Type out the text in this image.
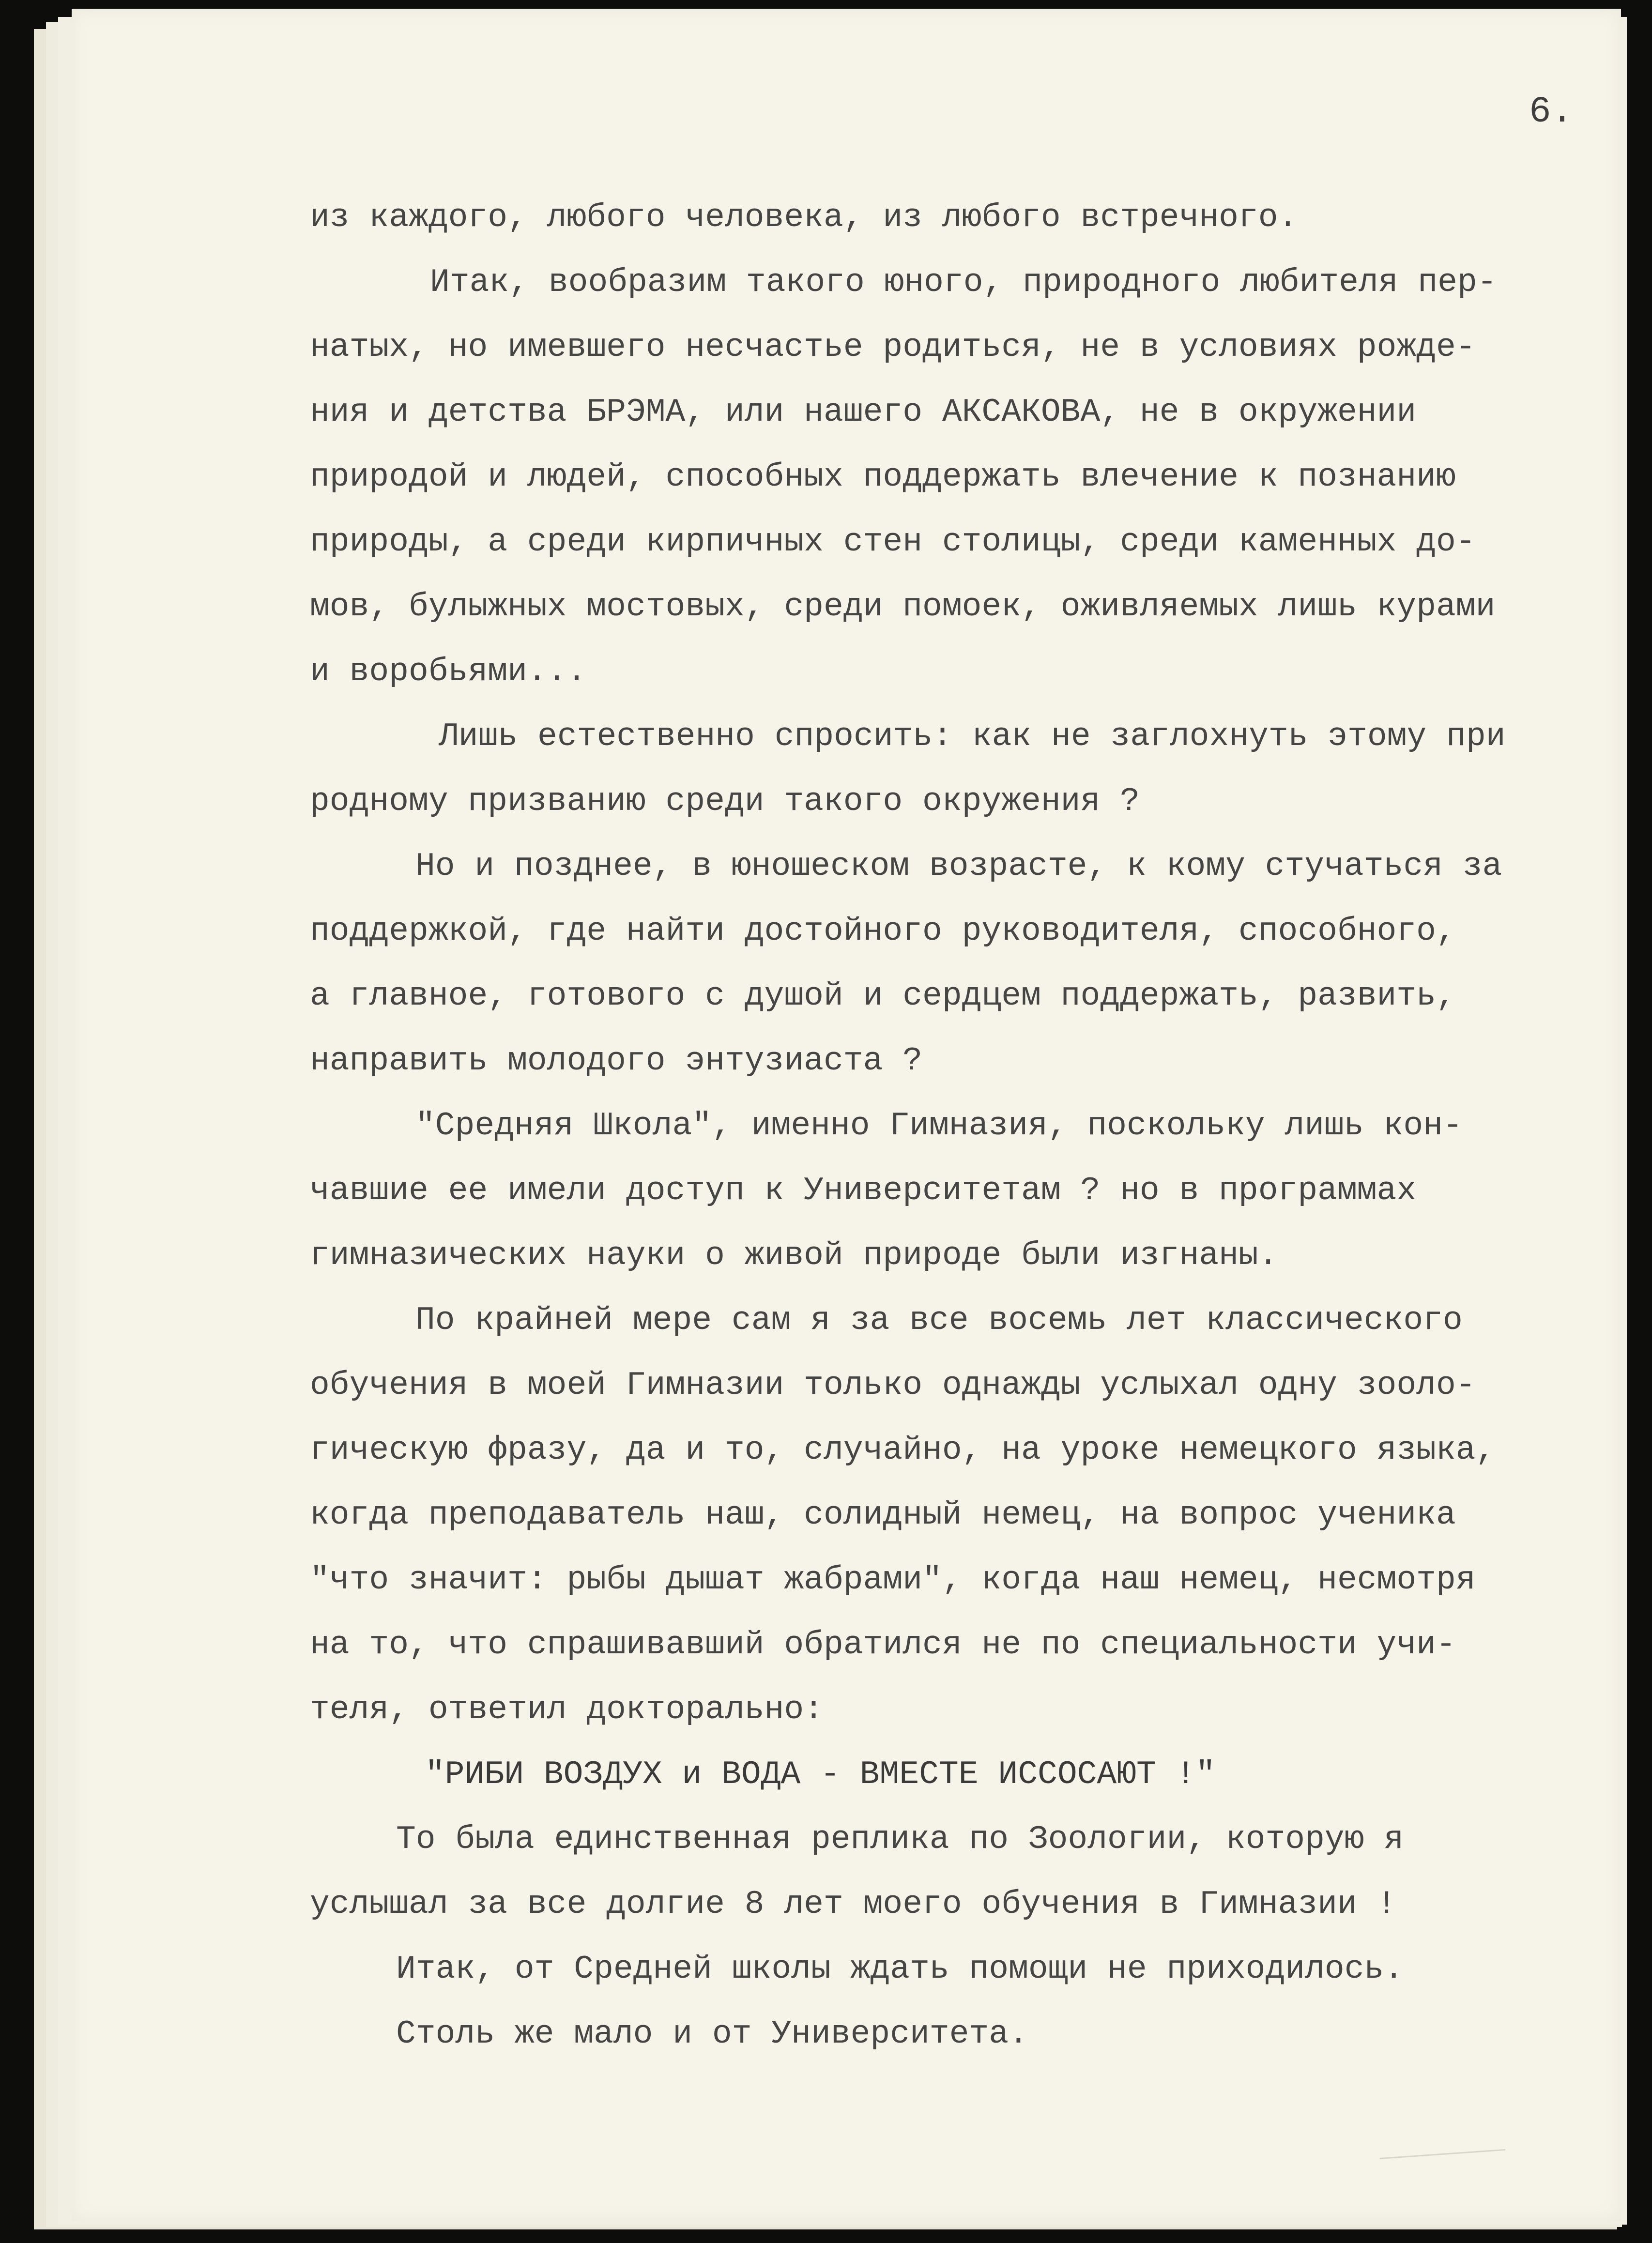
6.
из каждого, любого человека, из любого встречного.
Итак, вообразим такого юного, природного любителя пер-
натых, но имевшего несчастье родиться, не в условиях рожде-
ния и детства БРЭМА, или нашего АКСАКОВА, не в окружении
природой и людей, способных поддержать влечение к познанию
природы, а среди кирпичных стен столицы, среди каменных до-
мов, булыжных мостовых, среди помоек, оживляемых лишь курами
и воробьями...
Лишь естественно спросить: как не заглохнуть этому при
родному призванию среди такого окружения ?
Но и позднее, в юношеском возрасте, к кому стучаться за
поддержкой, где найти достойного руководителя, способного,
а главное, готового с душой и сердцем поддержать, развить,
направить молодого энтузиаста ?
"Средняя Школа", именно Гимназия, поскольку лишь кон-
чавшие ее имели доступ к Университетам ? но в программах
гимназических науки о живой природе были изгнаны.
По крайней мере сам я за все восемь лет классического
обучения в моей Гимназии только однажды услыхал одну зооло-
гическую фразу, да и то, случайно, на уроке немецкого языка,
когда преподаватель наш, солидный немец, на вопрос ученика
"что значит: рыбы дышат жабрами", когда наш немец, несмотря
на то, что спрашивавший обратился не по специальности учи-
теля, ответил докторально:
"РИБИ ВОЗДУХ и ВОДА - ВМЕСТЕ ИССОСАЮТ !"
То была единственная реплика по Зоологии, которую я
услышал за все долгие 8 лет моего обучения в Гимназии !
Итак, от Средней школы ждать помощи не приходилось.
Столь же мало и от Университета.
